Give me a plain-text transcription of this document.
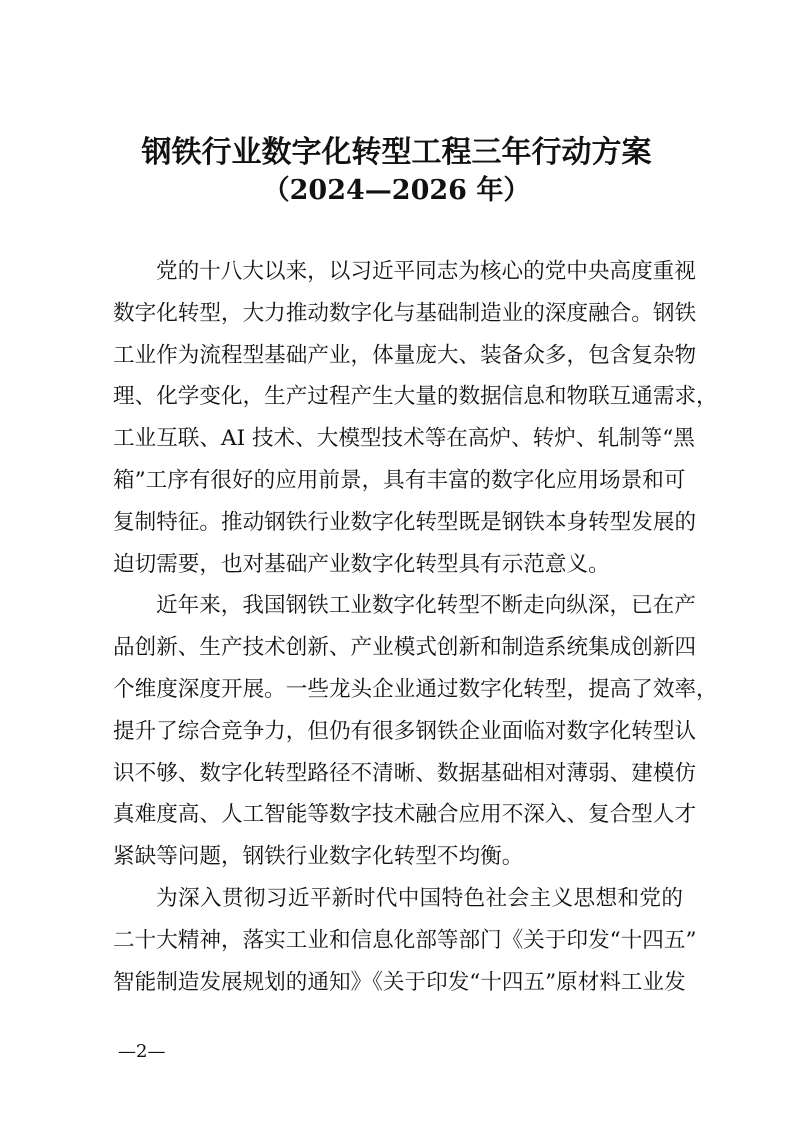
钢铁行业数字化转型工程三年行动方案
（2024—2026 年）
党的十八大以来，以习近平同志为核心的党中央高度重视
数字化转型，大力推动数字化与基础制造业的深度融合。钢铁
工业作为流程型基础产业，体量庞大、装备众多，包含复杂物
理、化学变化，生产过程产生大量的数据信息和物联互通需求，
工业互联、AI 技术、大模型技术等在高炉、转炉、轧制等“黑
箱”工序有很好的应用前景，具有丰富的数字化应用场景和可
复制特征。推动钢铁行业数字化转型既是钢铁本身转型发展的
迫切需要，也对基础产业数字化转型具有示范意义。
近年来，我国钢铁工业数字化转型不断走向纵深，已在产
品创新、生产技术创新、产业模式创新和制造系统集成创新四
个维度深度开展。一些龙头企业通过数字化转型，提高了效率，
提升了综合竞争力，但仍有很多钢铁企业面临对数字化转型认
识不够、数字化转型路径不清晰、数据基础相对薄弱、建模仿
真难度高、人工智能等数字技术融合应用不深入、复合型人才
紧缺等问题，钢铁行业数字化转型不均衡。
为深入贯彻习近平新时代中国特色社会主义思想和党的
二十大精神，落实工业和信息化部等部门《关于印发“十四五”
智能制造发展规划的通知》《关于印发“十四五”原材料工业发
—2—
